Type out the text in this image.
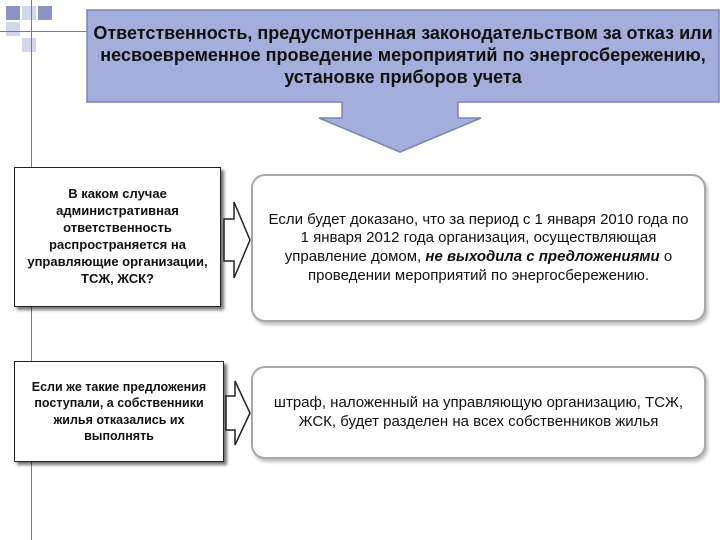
Ответственность, предусмотренная законодательством за отказ или несвоевременное проведение мероприятий по энергосбережению, установке приборов учета
В каком случае административная ответственность распространяется на управляющие организации, ТСЖ, ЖСК?
Если же такие предложения поступали, а собственники жилья отказались их выполнять
Если будет доказано, что за период с 1 января 2010 года по 1 января 2012 года организация, осуществляющая управление домом, не выходила с предложениями о проведении мероприятий по энергосбережению.
штраф, наложенный на управляющую организацию, ТСЖ, ЖСК, будет разделен на всех собственников жилья
